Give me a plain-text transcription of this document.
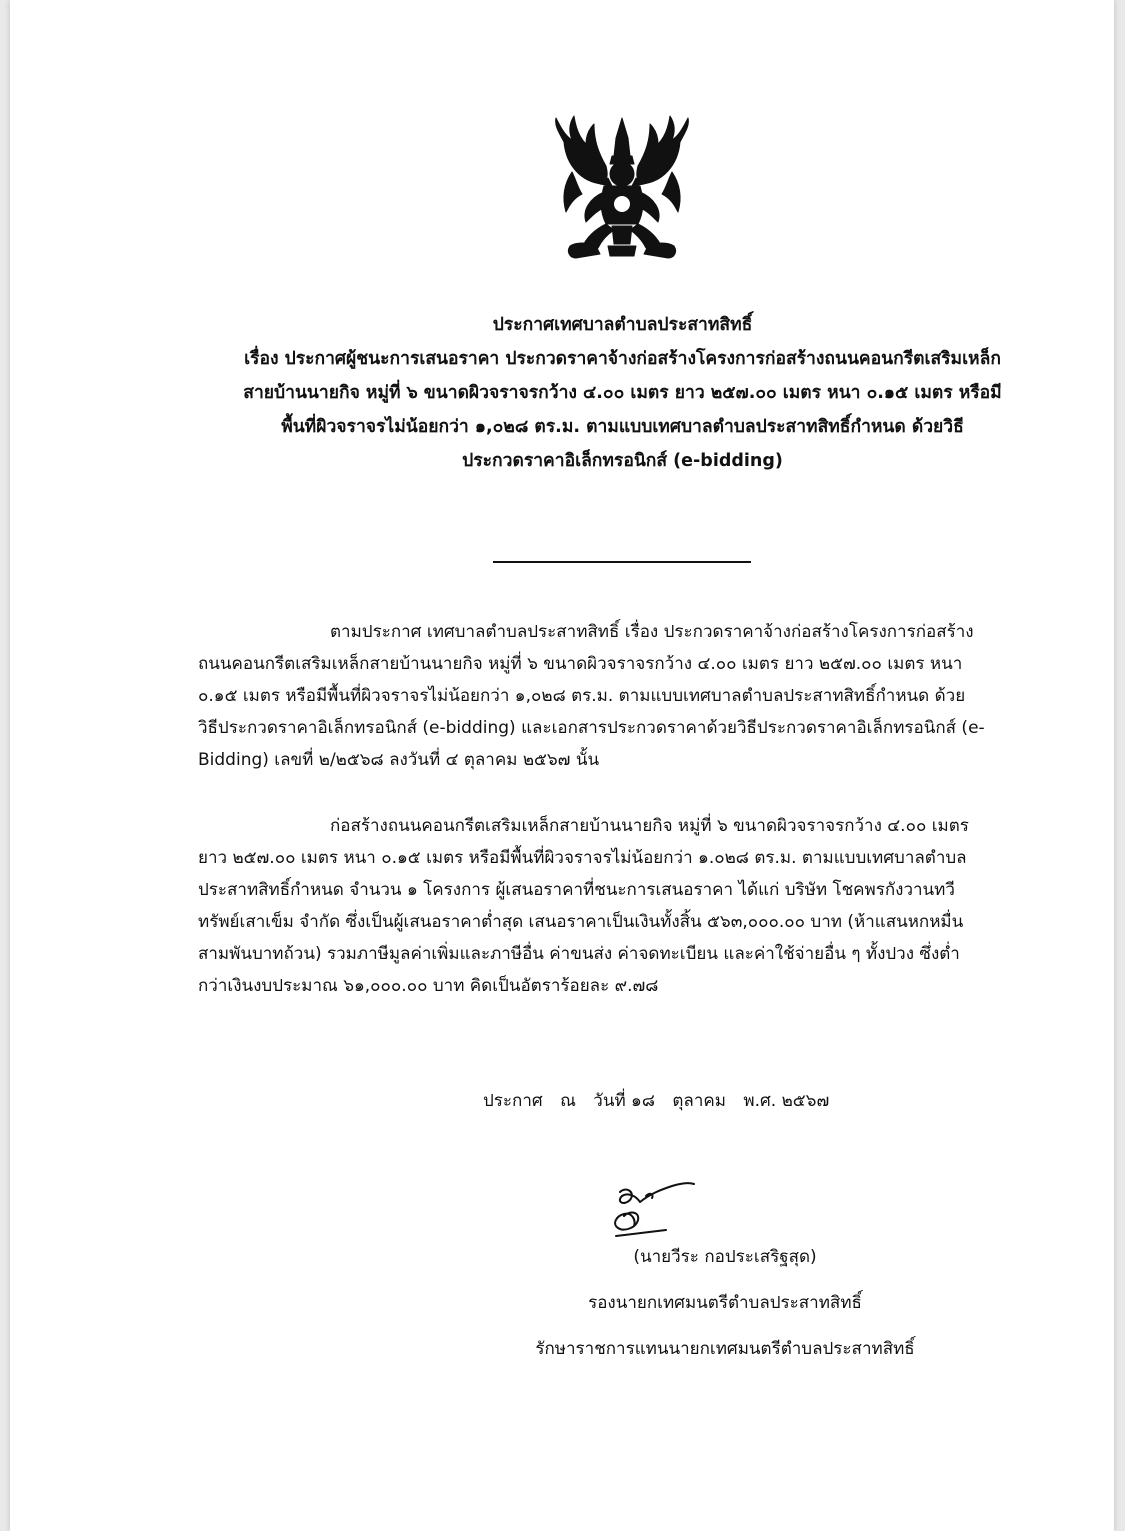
ประกาศเทศบาลตำบลประสาทสิทธิ์
เรื่อง ประกาศผู้ชนะการเสนอราคา ประกวดราคาจ้างก่อสร้างโครงการก่อสร้างถนนคอนกรีตเสริมเหล็ก
สายบ้านนายกิจ หมู่ที่ ๖ ขนาดผิวจราจรกว้าง ๔.๐๐ เมตร ยาว ๒๕๗.๐๐ เมตร หนา ๐.๑๕ เมตร หรือมี
พื้นที่ผิวจราจรไม่น้อยกว่า ๑,๐๒๘ ตร.ม. ตามแบบเทศบาลตำบลประสาทสิทธิ์กำหนด ด้วยวิธี
ประกวดราคาอิเล็กทรอนิกส์ (e-bidding)
ตามประกาศ เทศบาลตำบลประสาทสิทธิ์ เรื่อง ประกวดราคาจ้างก่อสร้างโครงการก่อสร้าง
ถนนคอนกรีตเสริมเหล็กสายบ้านนายกิจ หมู่ที่ ๖ ขนาดผิวจราจรกว้าง ๔.๐๐ เมตร ยาว ๒๕๗.๐๐ เมตร หนา
๐.๑๕ เมตร หรือมีพื้นที่ผิวจราจรไม่น้อยกว่า ๑,๐๒๘ ตร.ม. ตามแบบเทศบาลตำบลประสาทสิทธิ์กำหนด ด้วย
วิธีประกวดราคาอิเล็กทรอนิกส์ (e-bidding) และเอกสารประกวดราคาด้วยวิธีประกวดราคาอิเล็กทรอนิกส์ (e-
Bidding) เลขที่ ๒/๒๕๖๘ ลงวันที่ ๔ ตุลาคม ๒๕๖๗ นั้น
ก่อสร้างถนนคอนกรีตเสริมเหล็กสายบ้านนายกิจ หมู่ที่ ๖ ขนาดผิวจราจรกว้าง ๔.๐๐ เมตร
ยาว ๒๕๗.๐๐ เมตร หนา ๐.๑๕ เมตร หรือมีพื้นที่ผิวจราจรไม่น้อยกว่า ๑.๐๒๘ ตร.ม. ตามแบบเทศบาลตำบล
ประสาทสิทธิ์กำหนด จำนวน ๑ โครงการ ผู้เสนอราคาที่ชนะการเสนอราคา ได้แก่ บริษัท โชคพรกังวานทวี
ทรัพย์เสาเข็ม จำกัด ซึ่งเป็นผู้เสนอราคาต่ำสุด เสนอราคาเป็นเงินทั้งสิ้น ๕๖๓,๐๐๐.๐๐ บาท (ห้าแสนหกหมื่น
สามพันบาทถ้วน) รวมภาษีมูลค่าเพิ่มและภาษีอื่น ค่าขนส่ง ค่าจดทะเบียน และค่าใช้จ่ายอื่น ๆ ทั้งปวง ซึ่งต่ำ
กว่าเงินงบประมาณ ๖๑,๐๐๐.๐๐ บาท คิดเป็นอัตราร้อยละ ๙.๗๘
ประกาศ ณ วันที่ ๑๘ ตุลาคม พ.ศ. ๒๕๖๗
(นายวีระ กอประเสริฐสุด)
รองนายกเทศมนตรีตำบลประสาทสิทธิ์
รักษาราชการแทนนายกเทศมนตรีตำบลประสาทสิทธิ์
